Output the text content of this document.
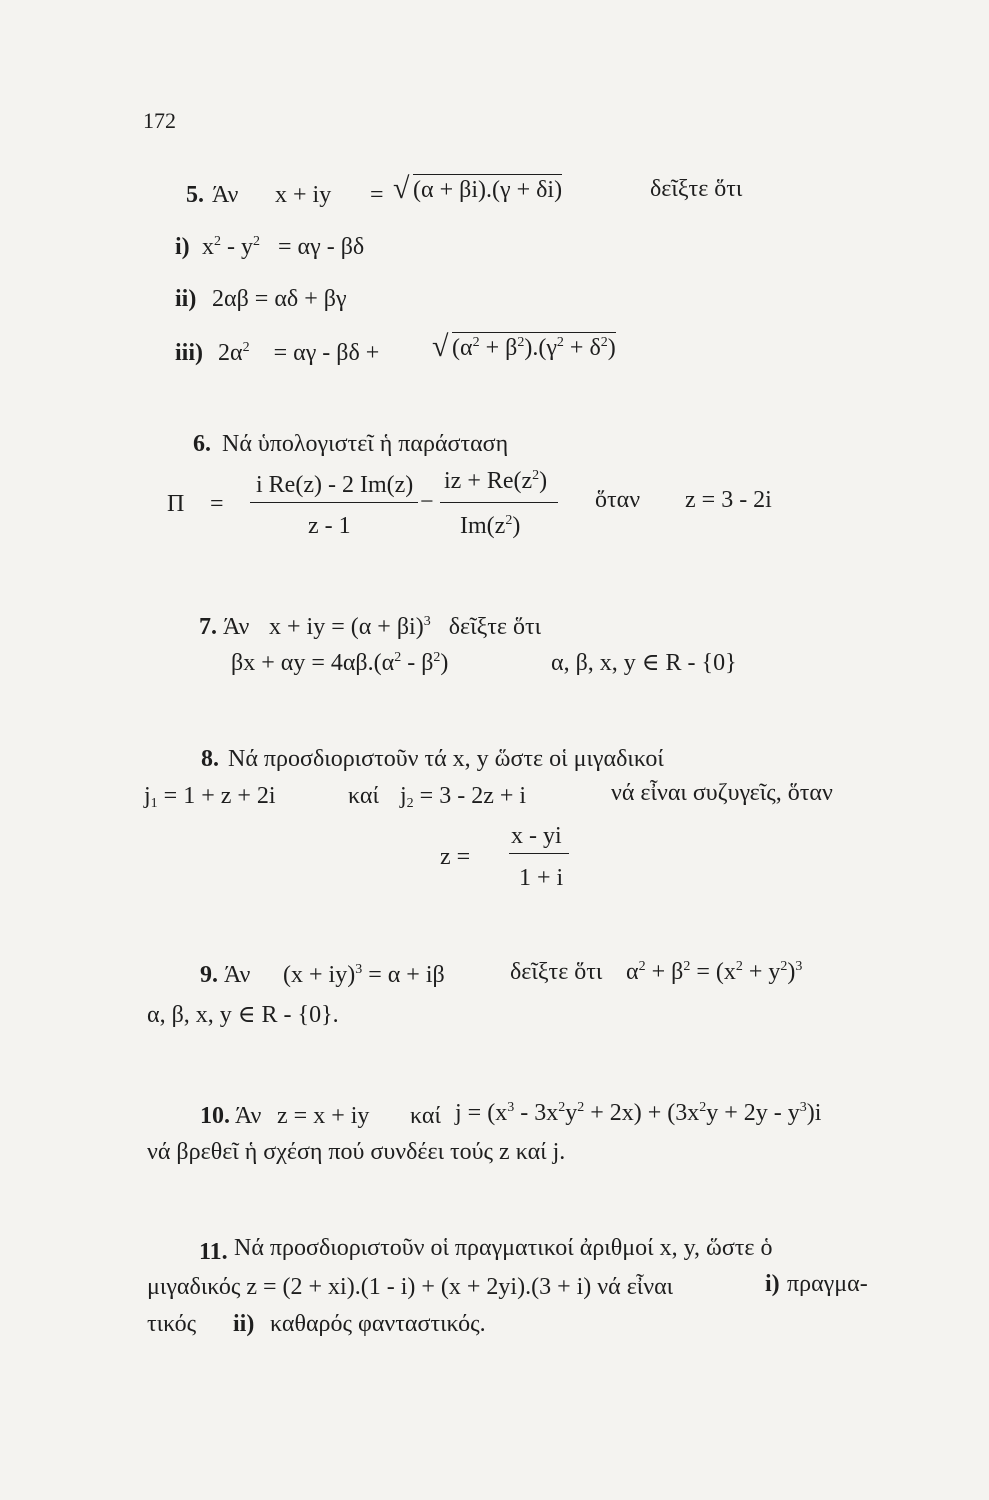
172
5. Άν x + iy = √ (α + βi).(γ + δi)	δεῖξτε ὅτι
i) $x^2 - y^2 = \alpha\gamma - \beta\delta$
ii) 2αβ = αδ + βγ
iii) $2\alpha^2 = \alpha\gamma - \beta\delta$ + √ $(\alpha^2 + \beta^2).(\gamma^2 + \delta^2)$
6. Νά ὑπολογιστεῖ ἡ παράσταση
Π =
i Re(z) - 2 Im(z)
z - 1
−
iz + $Re(z^2)$
$Im(z^2)$
ὅταν z = 3 - 2i
7. Άν x + iy = $(\alpha + \beta i)^3$ δεῖξτε ὅτι
$\beta x + \alpha y = 4\alpha\beta.(\alpha^2 - \beta^2)$	α, β, x, y ∈ R - {0}
8. Νά προσδιοριστοῦν τά x, y ὥστε οἱ μιγαδικοί
$j_1 = 1 + z + 2i$	καί $j_2 = 3 - 2z + i$	νά εἶναι συζυγεῖς, ὅταν
z =
x - yi
1 + i
9. Άν (x + iy)$^3$ = α + iβ	δεῖξτε ὅτι $\alpha^2 + \beta^2 = (x^2 + y^2)^3$
α, β, x, y ∈ R - {0}.
10. Άν z = x + iy καί $j = (x^3 - 3x^2y^2 + 2x) + (3x^2y + 2y - y^3)i$
νά βρεθεῖ ἡ σχέση πού συνδέει τούς z καί j.
11. Νά προσδιοριστοῦν οἱ πραγματικοί ἀριθμοί x, y, ὥστε ὁ
μιγαδικός z = (2 + xi).(1 - i) + (x + 2yi).(3 + i) νά εἶναι	i) πραγμα-
τικός ii) καθαρός φανταστικός.
